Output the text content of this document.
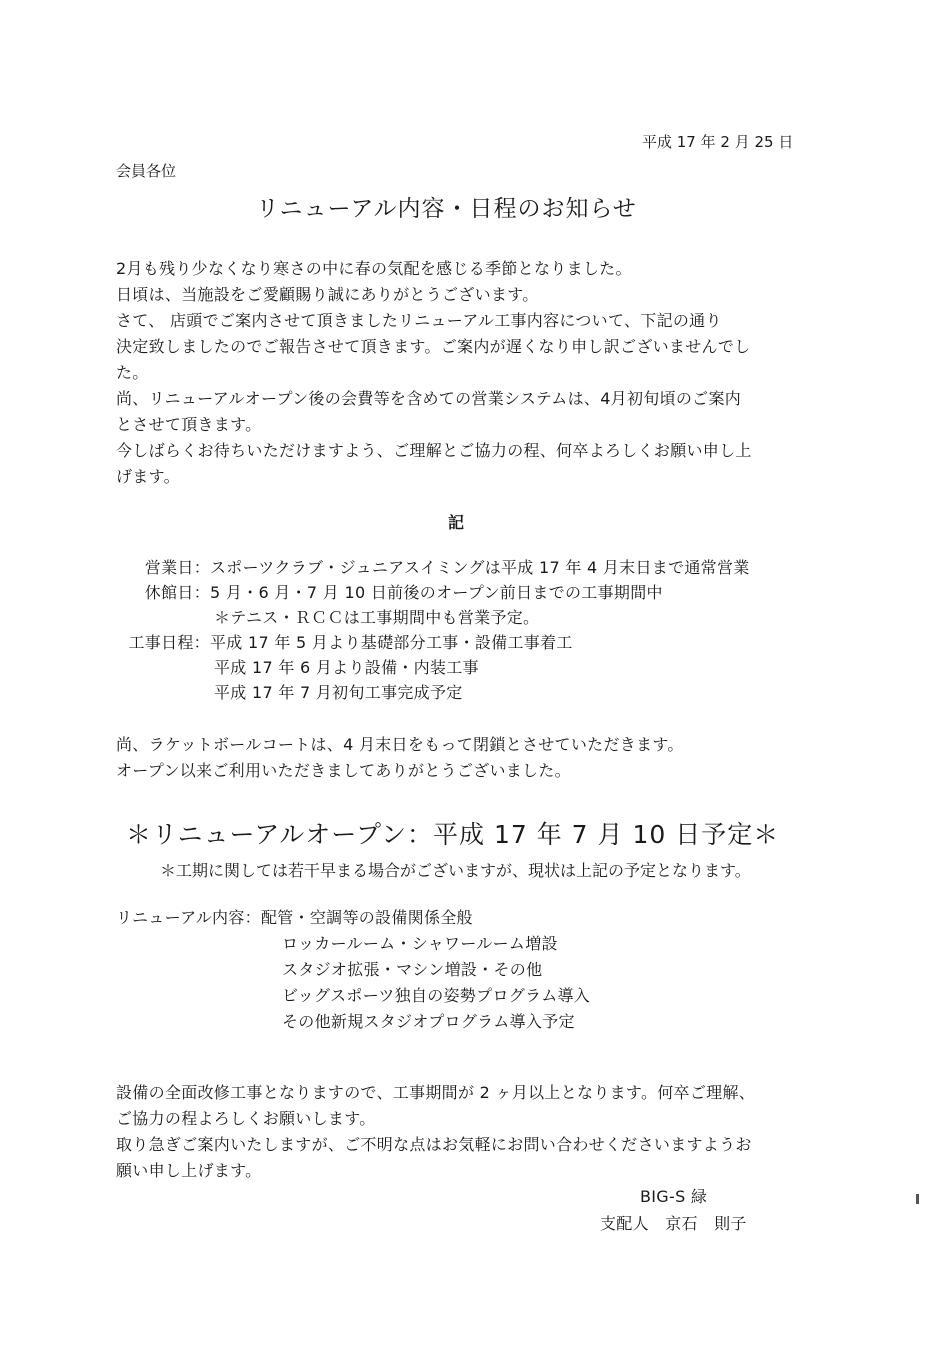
平成 17 年 2 月 25 日
会員各位
リニューアル内容・日程のお知らせ
2月も残り少なくなり寒さの中に春の気配を感じる季節となりました。
日頃は、当施設をご愛顧賜り誠にありがとうございます。
さて、 店頭でご案内させて頂きましたリニューアル工事内容について、下記の通り
決定致しましたのでご報告させて頂きます。ご案内が遅くなり申し訳ございませんでし
た。
尚、リニューアルオープン後の会費等を含めての営業システムは、4月初旬頃のご案内
とさせて頂きます。
今しばらくお待ちいただけますよう、ご理解とご協力の程、何卒よろしくお願い申し上
げます。
記
営業日：スポーツクラブ・ジュニアスイミングは平成 17 年 4 月末日まで通常営業
休館日：5 月・6 月・7 月 10 日前後のオープン前日までの工事期間中
＊テニス・ＲＣＣは工事期間中も営業予定。
工事日程：平成 17 年 5 月より基礎部分工事・設備工事着工
平成 17 年 6 月より設備・内装工事
平成 17 年 7 月初旬工事完成予定
尚、ラケットボールコートは、4 月末日をもって閉鎖とさせていただきます。
オープン以来ご利用いただきましてありがとうございました。
＊リニューアルオープン：平成 17 年 7 月 10 日予定＊
＊工期に関しては若干早まる場合がございますが、現状は上記の予定となります。
リニューアル内容：配管・空調等の設備関係全般
ロッカールーム・シャワールーム増設
スタジオ拡張・マシン増設・その他
ビッグスポーツ独自の姿勢プログラム導入
その他新規スタジオプログラム導入予定
設備の全面改修工事となりますので、工事期間が 2 ヶ月以上となります。何卒ご理解、
ご協力の程よろしくお願いします。
取り急ぎご案内いたしますが、ご不明な点はお気軽にお問い合わせくださいますようお
願い申し上げます。
BIG-S 緑
支配人　京石　則子
